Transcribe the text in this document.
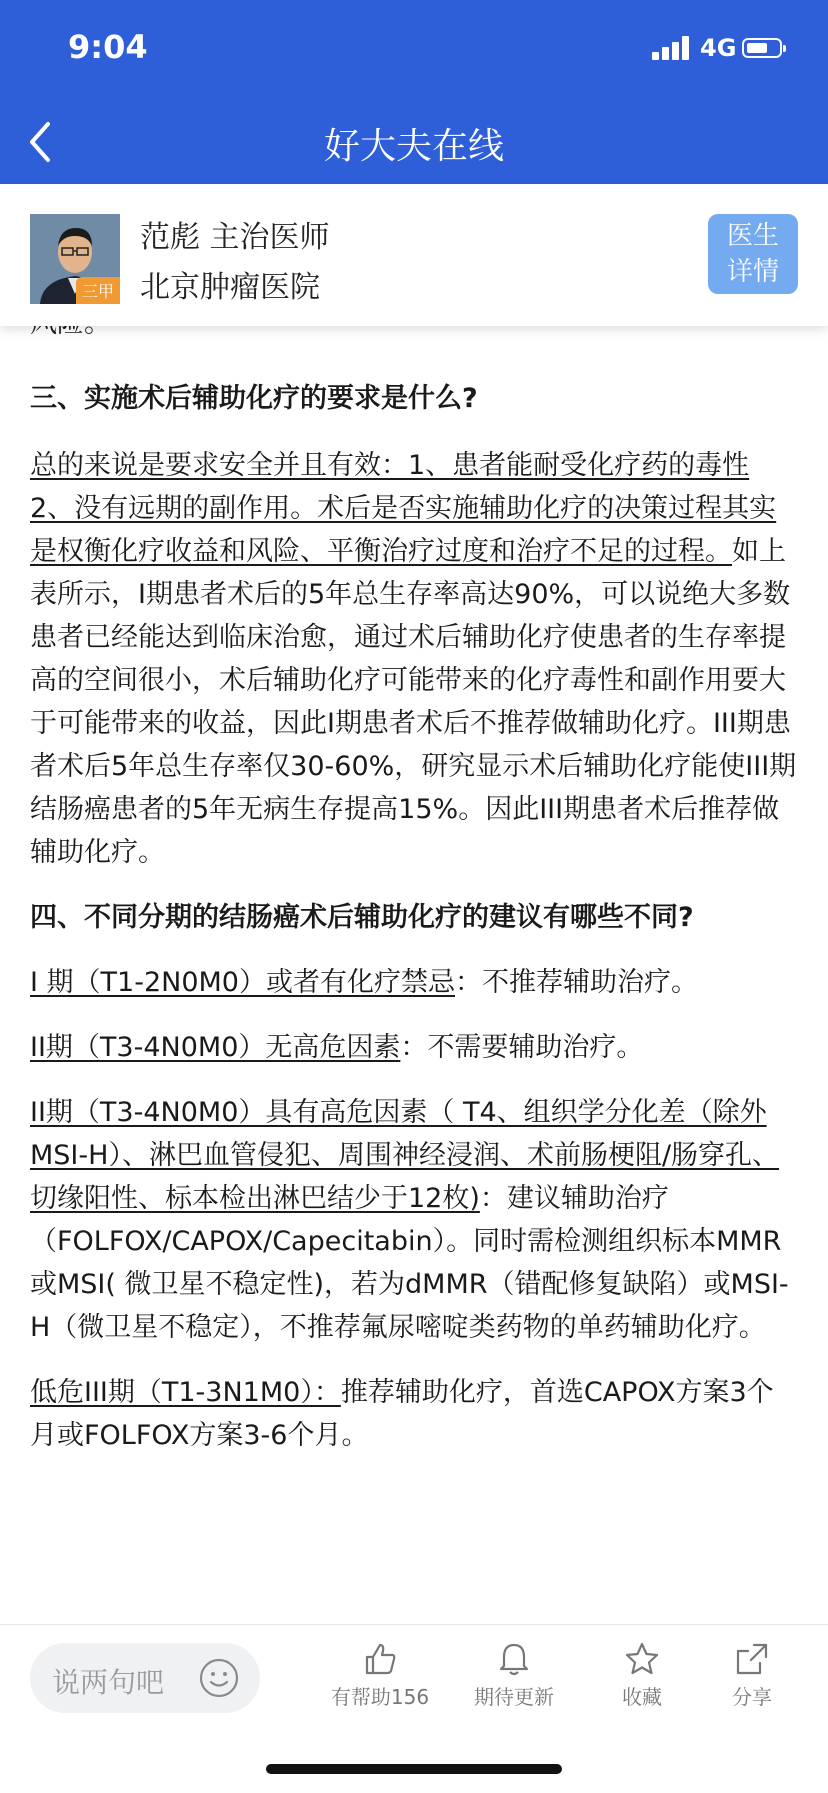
9:04	4G
好大夫在线
三甲
范彪 主治医师
北京肿瘤医院
医生
详情

三、实施术后辅助化疗的要求是什么?

总的来说是要求安全并且有效：1、患者能耐受化疗药的毒性 2、没有远期的副作用。术后是否实施辅助化疗的决策过程其实是权衡化疗收益和风险、平衡治疗过度和治疗不足的过程。如上表所示，I期患者术后的5年总生存率高达90%，可以说绝大多数患者已经能达到临床治愈，通过术后辅助化疗使患者的生存率提高的空间很小，术后辅助化疗可能带来的化疗毒性和副作用要大于可能带来的收益，因此I期患者术后不推荐做辅助化疗。III期患者术后5年总生存率仅30-60%，研究显示术后辅助化疗能使III期结肠癌患者的5年无病生存提高15%。因此III期患者术后推荐做辅助化疗。

四、不同分期的结肠癌术后辅助化疗的建议有哪些不同?

I 期（T1-2N0M0）或者有化疗禁忌：不推荐辅助治疗。

II期（T3-4N0M0）无高危因素：不需要辅助治疗。

II期（T3-4N0M0）具有高危因素（ T4、组织学分化差（除外MSI-H）、淋巴血管侵犯、周围神经浸润、术前肠梗阻/肠穿孔、切缘阳性、标本检出淋巴结少于12枚)：建议辅助治疗（FOLFOX/CAPOX/Capecitabin）。同时需检测组织标本MMR或MSI( 微卫星不稳定性)，若为dMMR（错配修复缺陷）或MSI-H（微卫星不稳定），不推荐氟尿嘧啶类药物的单药辅助化疗。

低危III期（T1-3N1M0）：推荐辅助化疗，首选CAPOX方案3个月或FOLFOX方案3-6个月。

说两句吧	有帮助156	期待更新	收藏	分享
